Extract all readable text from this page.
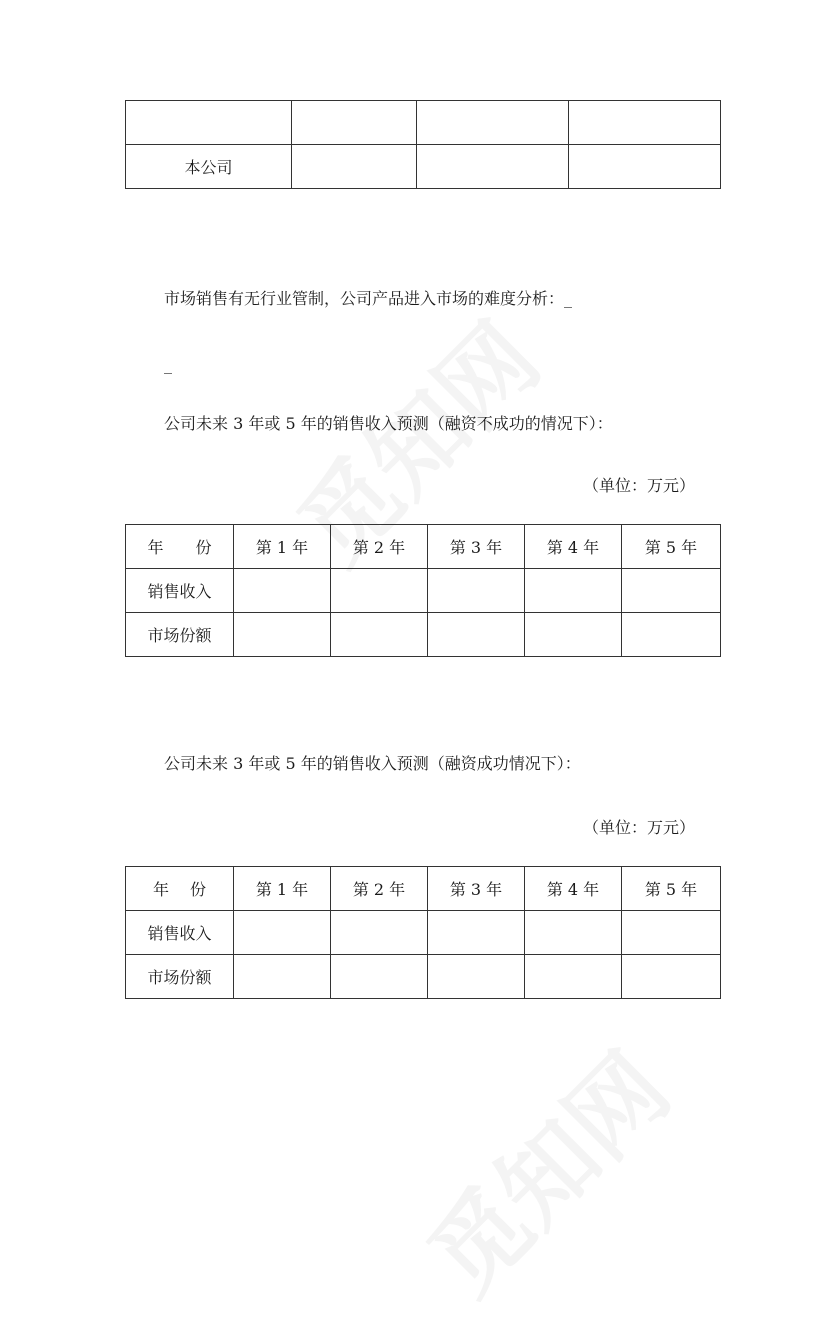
本公司			
市场销售有无行业管制，公司产品进入市场的难度分析：_
_
公司未来 3 年或 5 年的销售收入预测（融资不成功的情况下）：
（单位：万元）
年　　份	第 1 年	第 2 年	第 3 年	第 4 年	第 5 年
销售收入					
市场份额					
公司未来 3 年或 5 年的销售收入预测（融资成功情况下）：
（单位：万元）
年　 份	第 1 年	第 2 年	第 3 年	第 4 年	第 5 年
销售收入					
市场份额					
